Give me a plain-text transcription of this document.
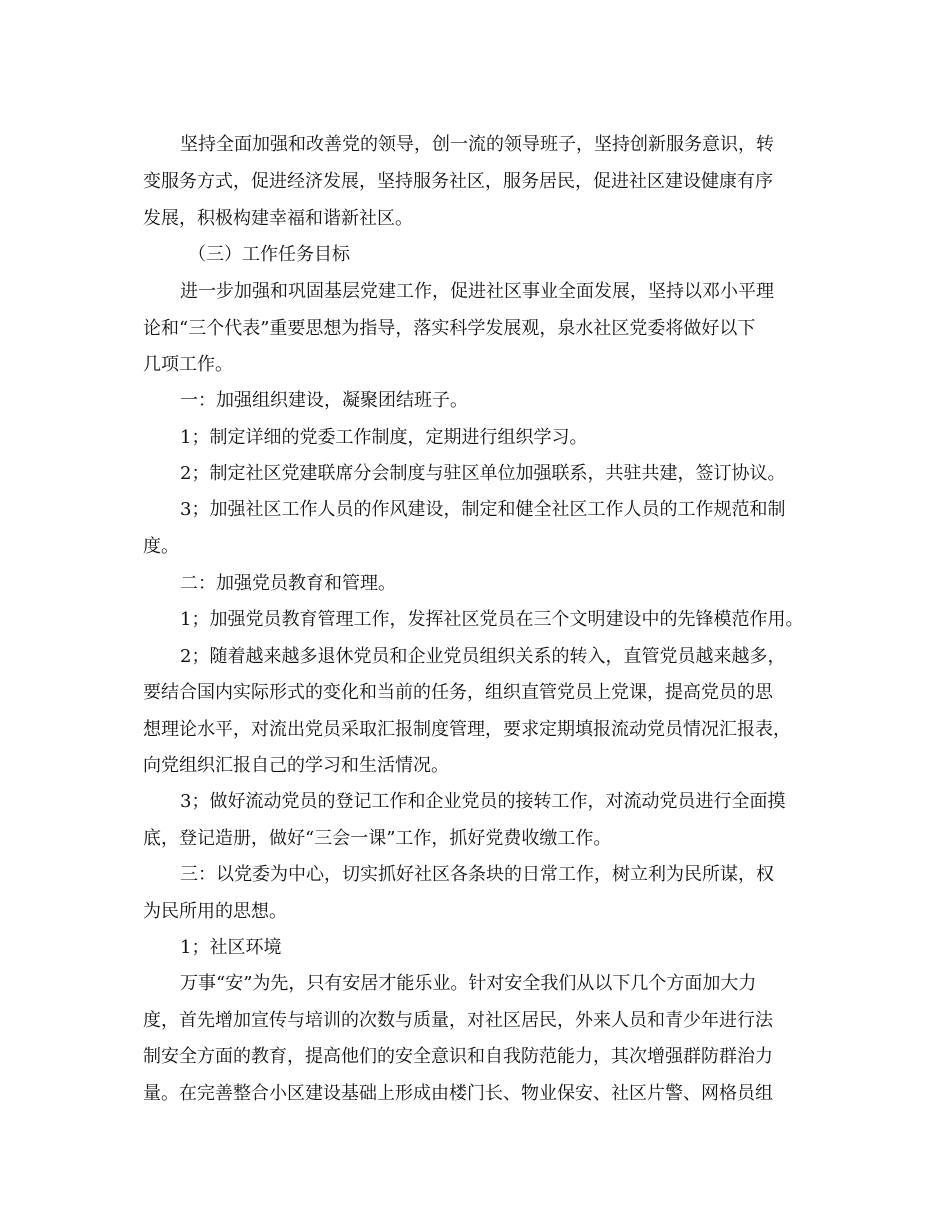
坚持全面加强和改善党的领导，创一流的领导班子，坚持创新服务意识，转
变服务方式，促进经济发展，坚持服务社区，服务居民，促进社区建设健康有序
发展，积极构建幸福和谐新社区。
（三）工作任务目标
进一步加强和巩固基层党建工作，促进社区事业全面发展，坚持以邓小平理
论和“三个代表”重要思想为指导，落实科学发展观，泉水社区党委将做好以下
几项工作。
一：加强组织建设，凝聚团结班子。
1；制定详细的党委工作制度，定期进行组织学习。
2；制定社区党建联席分会制度与驻区单位加强联系，共驻共建，签订协议。
3；加强社区工作人员的作风建设，制定和健全社区工作人员的工作规范和制
度。
二：加强党员教育和管理。
1；加强党员教育管理工作，发挥社区党员在三个文明建设中的先锋模范作用。
2；随着越来越多退休党员和企业党员组织关系的转入，直管党员越来越多，
要结合国内实际形式的变化和当前的任务，组织直管党员上党课，提高党员的思
想理论水平，对流出党员采取汇报制度管理，要求定期填报流动党员情况汇报表，
向党组织汇报自己的学习和生活情况。
3；做好流动党员的登记工作和企业党员的接转工作，对流动党员进行全面摸
底，登记造册，做好“三会一课”工作，抓好党费收缴工作。
三：以党委为中心，切实抓好社区各条块的日常工作，树立利为民所谋，权
为民所用的思想。
1；社区环境
万事“安”为先，只有安居才能乐业。针对安全我们从以下几个方面加大力
度，首先增加宣传与培训的次数与质量，对社区居民，外来人员和青少年进行法
制安全方面的教育，提高他们的安全意识和自我防范能力，其次增强群防群治力
量。在完善整合小区建设基础上形成由楼门长、物业保安、社区片警、网格员组
